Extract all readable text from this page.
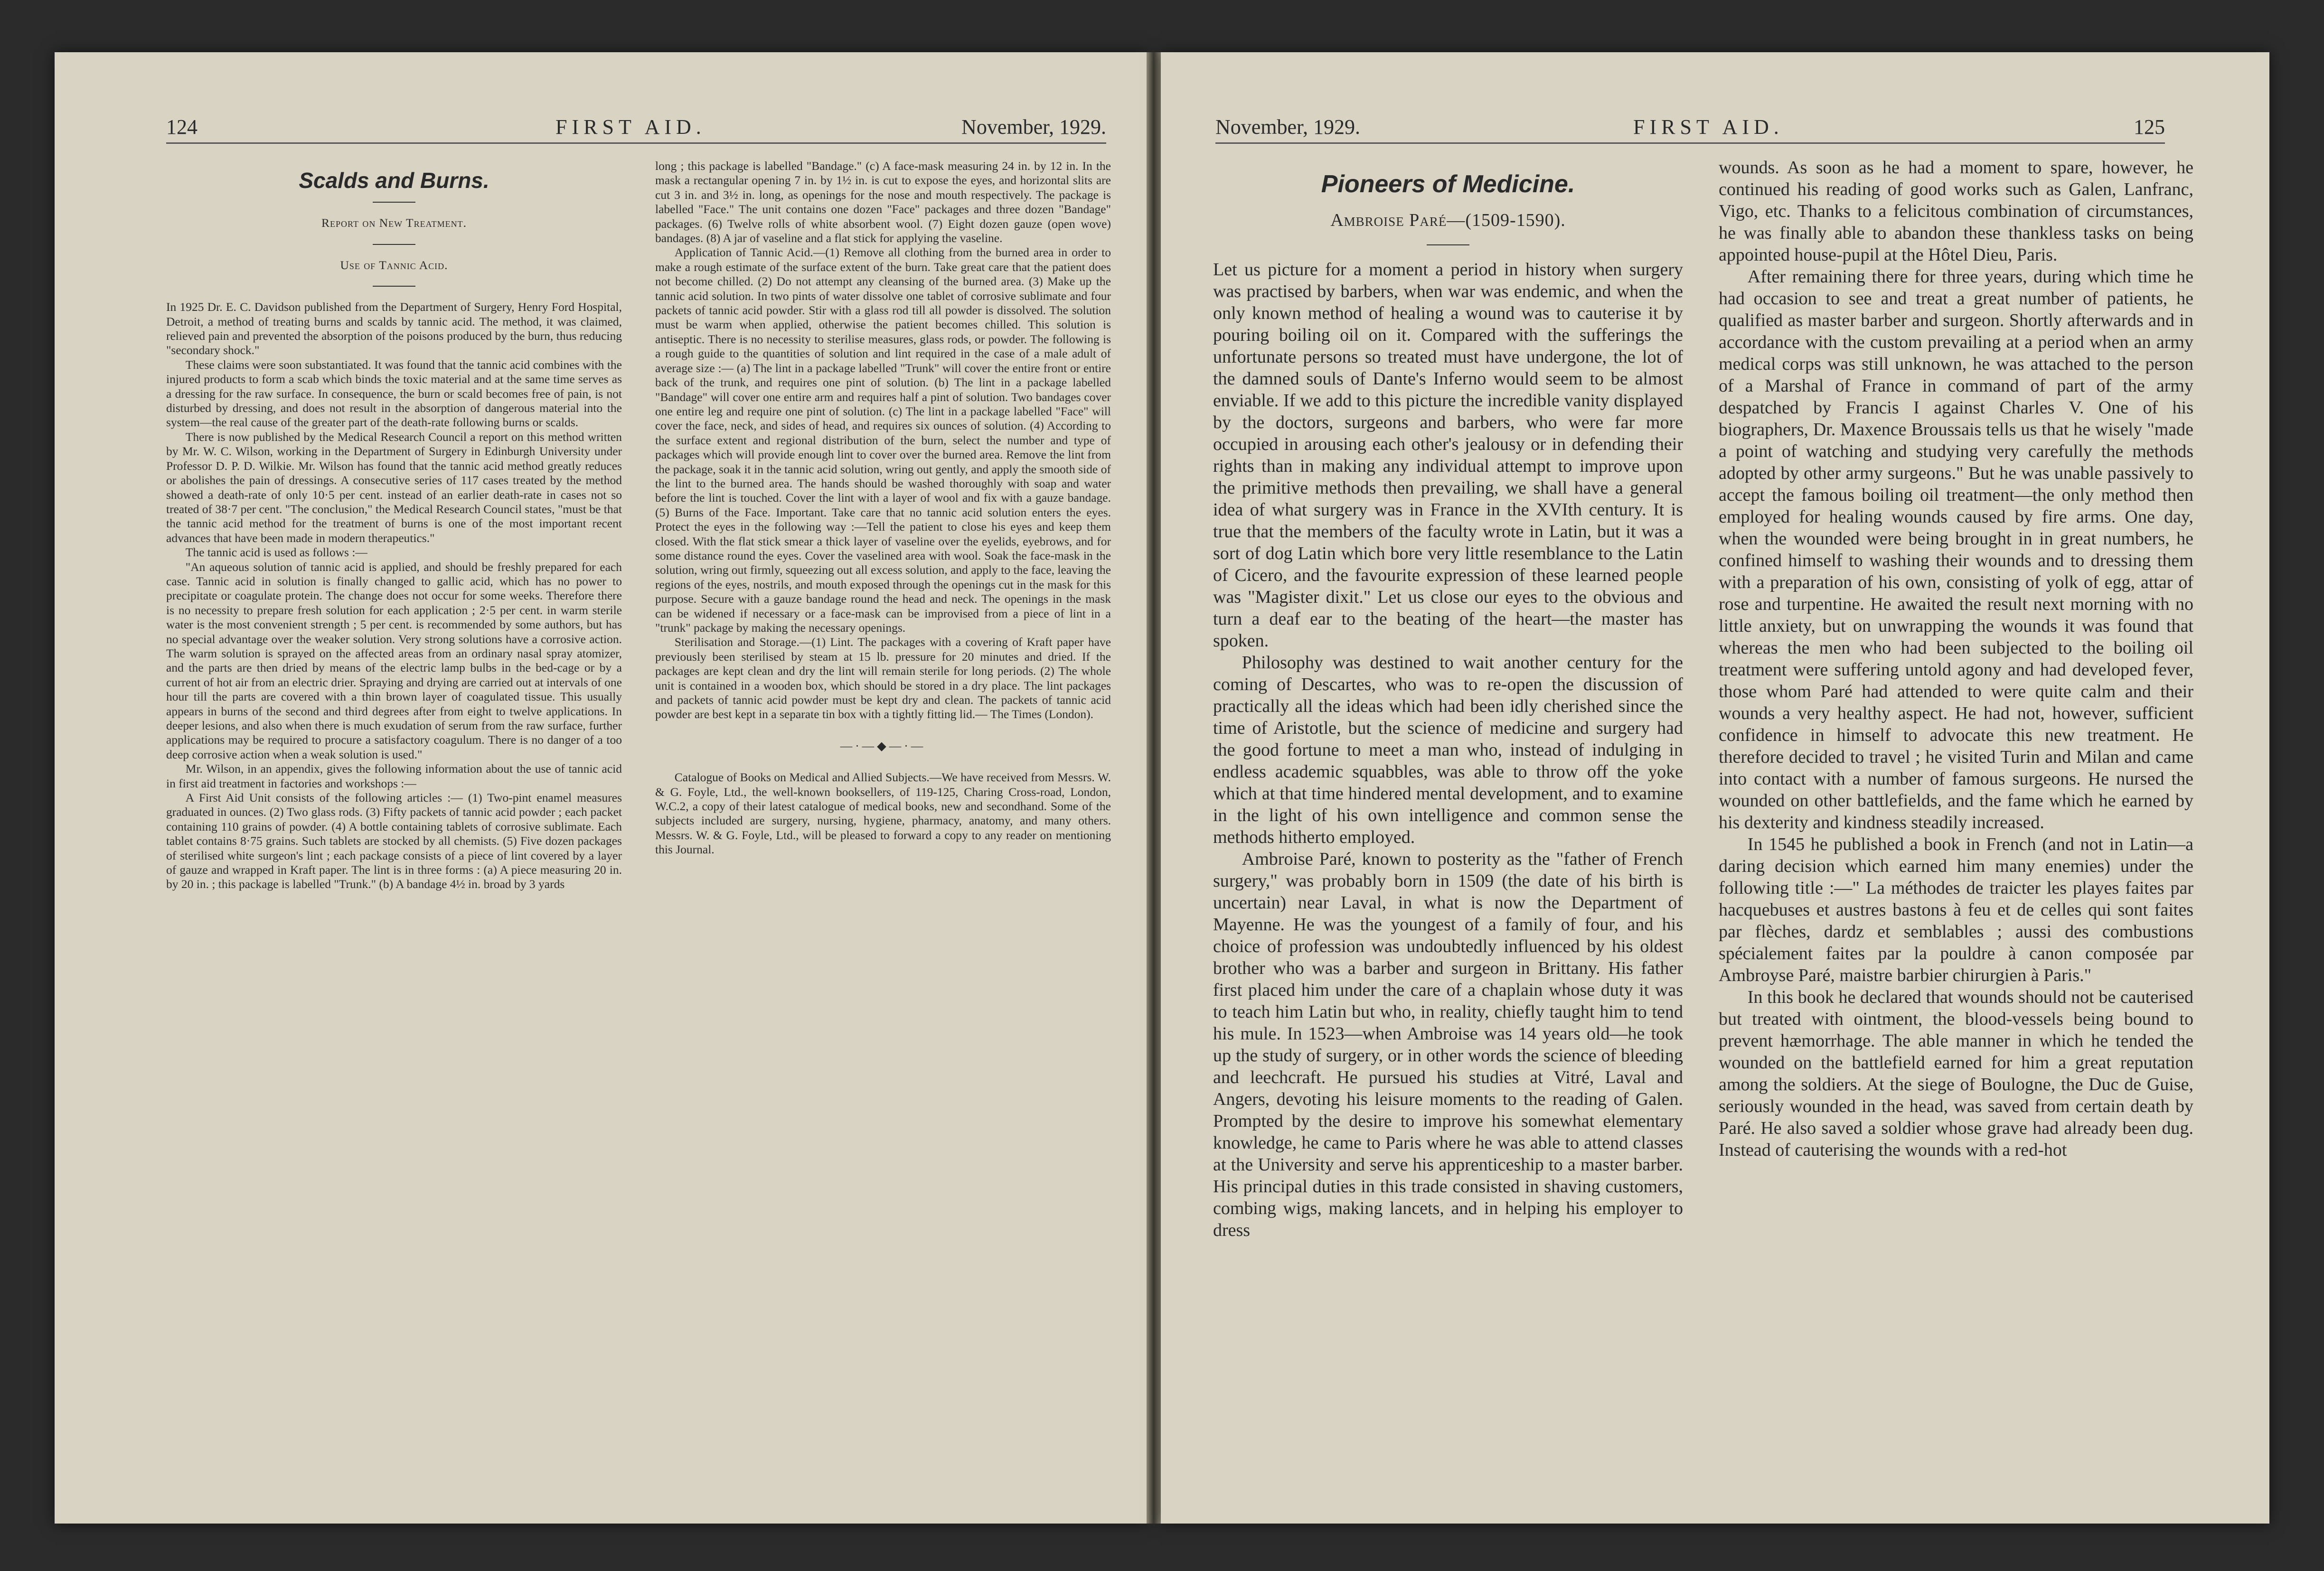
124	FIRST AID.	November, 1929.
Scalds and Burns.
Report on New Treatment.
Use of Tannic Acid.

In 1925 Dr. E. C. Davidson published from the Department of Surgery, Henry Ford Hospital, Detroit, a method of treating burns and scalds by tannic acid. The method, it was claimed, relieved pain and prevented the absorption of the poisons produced by the burn, thus reducing "secondary shock."

These claims were soon substantiated. It was found that the tannic acid combines with the injured products to form a scab which binds the toxic material and at the same time serves as a dressing for the raw surface. In consequence, the burn or scald becomes free of pain, is not disturbed by dressing, and does not result in the absorption of dangerous material into the system—the real cause of the greater part of the death-rate following burns or scalds.

There is now published by the Medical Research Council a report on this method written by Mr. W. C. Wilson, working in the Department of Surgery in Edinburgh University under Professor D. P. D. Wilkie. Mr. Wilson has found that the tannic acid method greatly reduces or abolishes the pain of dressings. A consecutive series of 117 cases treated by the method showed a death-rate of only 10·5 per cent. instead of an earlier death-rate in cases not so treated of 38·7 per cent. "The conclusion," the Medical Research Council states, "must be that the tannic acid method for the treatment of burns is one of the most important recent advances that have been made in modern therapeutics."

The tannic acid is used as follows :—

"An aqueous solution of tannic acid is applied, and should be freshly prepared for each case. Tannic acid in solution is finally changed to gallic acid, which has no power to precipitate or coagulate protein. The change does not occur for some weeks. Therefore there is no necessity to prepare fresh solution for each application ; 2·5 per cent. in warm sterile water is the most convenient strength ; 5 per cent. is recommended by some authors, but has no special advantage over the weaker solution. Very strong solutions have a corrosive action. The warm solution is sprayed on the affected areas from an ordinary nasal spray atomizer, and the parts are then dried by means of the electric lamp bulbs in the bed-cage or by a current of hot air from an electric drier. Spraying and drying are carried out at intervals of one hour till the parts are covered with a thin brown layer of coagulated tissue. This usually appears in burns of the second and third degrees after from eight to twelve applications. In deeper lesions, and also when there is much exudation of serum from the raw surface, further applications may be required to procure a satisfactory coagulum. There is no danger of a too deep corrosive action when a weak solution is used."

Mr. Wilson, in an appendix, gives the following information about the use of tannic acid in first aid treatment in factories and workshops :—

A First Aid Unit consists of the following articles :— (1) Two-pint enamel measures graduated in ounces. (2) Two glass rods. (3) Fifty packets of tannic acid powder ; each packet containing 110 grains of powder. (4) A bottle containing tablets of corrosive sublimate. Each tablet contains 8·75 grains. Such tablets are stocked by all chemists. (5) Five dozen packages of sterilised white surgeon's lint ; each package consists of a piece of lint covered by a layer of gauze and wrapped in Kraft paper. The lint is in three forms : (a) A piece measuring 20 in. by 20 in. ; this package is labelled "Trunk." (b) A bandage 4½ in. broad by 3 yards

long ; this package is labelled "Bandage." (c) A face-mask measuring 24 in. by 12 in. In the mask a rectangular opening 7 in. by 1½ in. is cut to expose the eyes, and horizontal slits are cut 3 in. and 3½ in. long, as openings for the nose and mouth respectively. The package is labelled "Face." The unit contains one dozen "Face" packages and three dozen "Bandage" packages. (6) Twelve rolls of white absorbent wool. (7) Eight dozen gauze (open wove) bandages. (8) A jar of vaseline and a flat stick for applying the vaseline.

Application of Tannic Acid.—(1) Remove all clothing from the burned area in order to make a rough estimate of the surface extent of the burn. Take great care that the patient does not become chilled. (2) Do not attempt any cleansing of the burned area. (3) Make up the tannic acid solution. In two pints of water dissolve one tablet of corrosive sublimate and four packets of tannic acid powder. Stir with a glass rod till all powder is dissolved. The solution must be warm when applied, otherwise the patient becomes chilled. This solution is antiseptic. There is no necessity to sterilise measures, glass rods, or powder. The following is a rough guide to the quantities of solution and lint required in the case of a male adult of average size :— (a) The lint in a package labelled "Trunk" will cover the entire front or entire back of the trunk, and requires one pint of solution. (b) The lint in a package labelled "Bandage" will cover one entire arm and requires half a pint of solution. Two bandages cover one entire leg and require one pint of solution. (c) The lint in a package labelled "Face" will cover the face, neck, and sides of head, and requires six ounces of solution. (4) According to the surface extent and regional distribution of the burn, select the number and type of packages which will provide enough lint to cover over the burned area. Remove the lint from the package, soak it in the tannic acid solution, wring out gently, and apply the smooth side of the lint to the burned area. The hands should be washed thoroughly with soap and water before the lint is touched. Cover the lint with a layer of wool and fix with a gauze bandage. (5) Burns of the Face. Important. Take care that no tannic acid solution enters the eyes. Protect the eyes in the following way :—Tell the patient to close his eyes and keep them closed. With the flat stick smear a thick layer of vaseline over the eyelids, eyebrows, and for some distance round the eyes. Cover the vaselined area with wool. Soak the face-mask in the solution, wring out firmly, squeezing out all excess solution, and apply to the face, leaving the regions of the eyes, nostrils, and mouth exposed through the openings cut in the mask for this purpose. Secure with a gauze bandage round the head and neck. The openings in the mask can be widened if necessary or a face-mask can be improvised from a piece of lint in a "trunk" package by making the necessary openings.

Sterilisation and Storage.—(1) Lint. The packages with a covering of Kraft paper have previously been sterilised by steam at 15 lb. pressure for 20 minutes and dried. If the packages are kept clean and dry the lint will remain sterile for long periods. (2) The whole unit is contained in a wooden box, which should be stored in a dry place. The lint packages and packets of tannic acid powder must be kept dry and clean. The packets of tannic acid powder are best kept in a separate tin box with a tightly fitting lid.— The Times (London).

—·—◆—·—

Catalogue of Books on Medical and Allied Subjects.—We have received from Messrs. W. & G. Foyle, Ltd., the well-known booksellers, of 119-125, Charing Cross-road, London, W.C.2, a copy of their latest catalogue of medical books, new and secondhand. Some of the subjects included are surgery, nursing, hygiene, pharmacy, anatomy, and many others. Messrs. W. & G. Foyle, Ltd., will be pleased to forward a copy to any reader on mentioning this Journal.

November, 1929.	FIRST AID.	125
Pioneers of Medicine.
Ambroise Paré—(1509-1590).

Let us picture for a moment a period in history when surgery was practised by barbers, when war was endemic, and when the only known method of healing a wound was to cauterise it by pouring boiling oil on it. Compared with the sufferings the unfortunate persons so treated must have undergone, the lot of the damned souls of Dante's Inferno would seem to be almost enviable. If we add to this picture the incredible vanity displayed by the doctors, surgeons and barbers, who were far more occupied in arousing each other's jealousy or in defending their rights than in making any individual attempt to improve upon the primitive methods then prevailing, we shall have a general idea of what surgery was in France in the XVIth century. It is true that the members of the faculty wrote in Latin, but it was a sort of dog Latin which bore very little resemblance to the Latin of Cicero, and the favourite expression of these learned people was "Magister dixit." Let us close our eyes to the obvious and turn a deaf ear to the beating of the heart—the master has spoken.

Philosophy was destined to wait another century for the coming of Descartes, who was to re-open the discussion of practically all the ideas which had been idly cherished since the time of Aristotle, but the science of medicine and surgery had the good fortune to meet a man who, instead of indulging in endless academic squabbles, was able to throw off the yoke which at that time hindered mental development, and to examine in the light of his own intelligence and common sense the methods hitherto employed.

Ambroise Paré, known to posterity as the "father of French surgery," was probably born in 1509 (the date of his birth is uncertain) near Laval, in what is now the Department of Mayenne. He was the youngest of a family of four, and his choice of profession was undoubtedly influenced by his oldest brother who was a barber and surgeon in Brittany. His father first placed him under the care of a chaplain whose duty it was to teach him Latin but who, in reality, chiefly taught him to tend his mule. In 1523—when Ambroise was 14 years old—he took up the study of surgery, or in other words the science of bleeding and leechcraft. He pursued his studies at Vitré, Laval and Angers, devoting his leisure moments to the reading of Galen. Prompted by the desire to improve his somewhat elementary knowledge, he came to Paris where he was able to attend classes at the University and serve his apprenticeship to a master barber. His principal duties in this trade consisted in shaving customers, combing wigs, making lancets, and in helping his employer to dress

wounds. As soon as he had a moment to spare, however, he continued his reading of good works such as Galen, Lanfranc, Vigo, etc. Thanks to a felicitous combination of circumstances, he was finally able to abandon these thankless tasks on being appointed house-pupil at the Hôtel Dieu, Paris.

After remaining there for three years, during which time he had occasion to see and treat a great number of patients, he qualified as master barber and surgeon. Shortly afterwards and in accordance with the custom prevailing at a period when an army medical corps was still unknown, he was attached to the person of a Marshal of France in command of part of the army despatched by Francis I against Charles V. One of his biographers, Dr. Maxence Broussais tells us that he wisely "made a point of watching and studying very carefully the methods adopted by other army surgeons." But he was unable passively to accept the famous boiling oil treatment—the only method then employed for healing wounds caused by fire arms. One day, when the wounded were being brought in in great numbers, he confined himself to washing their wounds and to dressing them with a preparation of his own, consisting of yolk of egg, attar of rose and turpentine. He awaited the result next morning with no little anxiety, but on unwrapping the wounds it was found that whereas the men who had been subjected to the boiling oil treatment were suffering untold agony and had developed fever, those whom Paré had attended to were quite calm and their wounds a very healthy aspect. He had not, however, sufficient confidence in himself to advocate this new treatment. He therefore decided to travel ; he visited Turin and Milan and came into contact with a number of famous surgeons. He nursed the wounded on other battlefields, and the fame which he earned by his dexterity and kindness steadily increased.

In 1545 he published a book in French (and not in Latin—a daring decision which earned him many enemies) under the following title :—" La méthodes de traicter les playes faites par hacquebuses et austres bastons à feu et de celles qui sont faites par flèches, dardz et semblables ; aussi des combustions spécialement faites par la pouldre à canon composée par Ambroyse Paré, maistre barbier chirurgien à Paris."

In this book he declared that wounds should not be cauterised but treated with ointment, the blood-vessels being bound to prevent hæmorrhage. The able manner in which he tended the wounded on the battlefield earned for him a great reputation among the soldiers. At the siege of Boulogne, the Duc de Guise, seriously wounded in the head, was saved from certain death by Paré. He also saved a soldier whose grave had already been dug. Instead of cauterising the wounds with a red-hot
